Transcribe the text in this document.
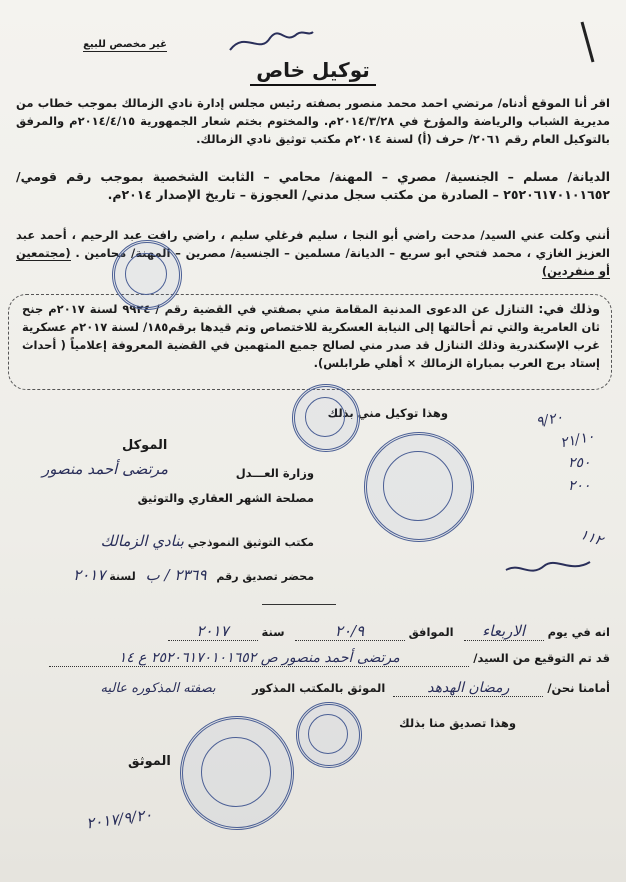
غير مخصص للبيع
توكيل خاص
اقر أنا الموقع أدناه/ مرتضي احمد محمد منصور بصفته رئيس مجلس إدارة نادي الزمالك بموجب خطاب من مديرية الشباب والرياضة والمؤرخ في ٢٠١٤/٣/٢٨م. والمختوم بختم شعار الجمهورية ٢٠١٤/٤/١٥م والمرفق بالتوكيل العام رقم ٢٠٦١/ حرف (أ) لسنة ٢٠١٤م مكتب توثيق نادي الزمالك.
الديانة/ مسلم – الجنسية/ مصري – المهنة/ محامي – الثابت الشخصية بموجب رقم قومي/ ٢٥٢٠٦١٧٠١٠١٦٥٢ – الصادرة من مكتب سجل مدني/ العجوزة – تاريخ الإصدار ٢٠١٤م.
أنني وكلت عني السيد/ مدحت راضي أبو النجا ، سليم فرغلي سليم ، راضي رافت عبد الرحيم ، أحمد عبد العزيز الغازي ، محمد فتحي ابو سريع – الديانة/ مسلمين – الجنسية/ مصرين – المهنة/ محامين . (مجتمعين أو منفردين)
وذلك في: التنازل عن الدعوى المدنية المقامة مني بصفتي في القضية رقم / ٩٩٢٤ لسنة ٢٠١٧م جنح ثان العامرية والتي تم أحالتها إلى النيابة العسكرية للاختصاص وتم قيدها برقم١٨٥/ لسنة ٢٠١٧م عسكرية غرب الإسكندرية وذلك التنازل قد صدر مني لصالح جميع المتهمين في القضية المعروفة إعلامياً ( أحداث إستاد برج العرب بمباراة الزمالك × أهلي طرابلس).
وهذا توكيل مني بذلك
الموكل
مرتضى أحمد منصور	وزارة العـــدل
مصلحة الشهر العقاري والتوثيق
مكتب التوثيق النموذجي بنادي الزمالك
محضر تصديق رقم ٢٣٦٩ / ب لسنة ٢٠١٧
انه في يوم الاربعاء الموافق ٢٠/٩ سنة ٢٠١٧
قد تم التوقيع من السيد/ مرتضى أحمد منصور ص ٢٥٢٠٦١٧٠١٠١٦٥٢ ع ١٤
أمامنا نحن/ رمضان الهدهد الموثق بالمكتب المذكور بصفته المذكوره عاليه
وهذا تصديق منا بذلك
الموثق
٢٠١٧/٩/٢٠
٩/٢٠
٢١/١٠
٢٥٠
٢٠٠
١١٢
